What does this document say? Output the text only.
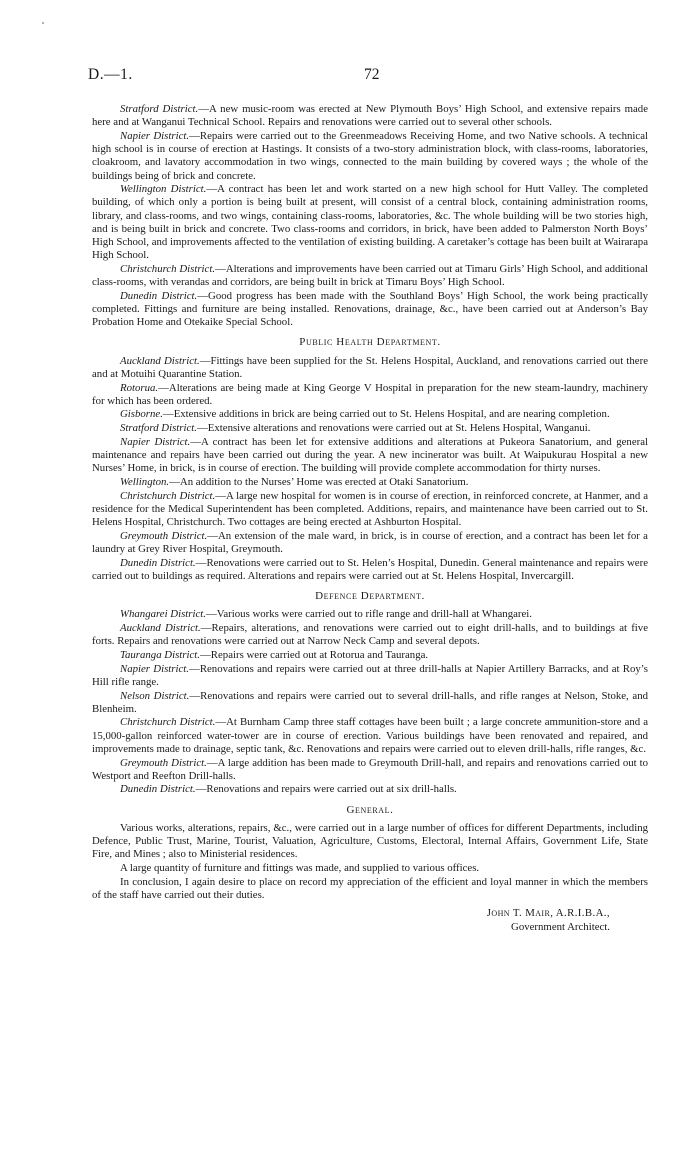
D.—1.	72

Stratford District.—A new music-room was erected at New Plymouth Boys’ High School, and extensive repairs made here and at Wanganui Technical School. Repairs and renovations were carried out to several other schools.

Napier District.—Repairs were carried out to the Greenmeadows Receiving Home, and two Native schools. A technical high school is in course of erection at Hastings. It consists of a two-story administration block, with class-rooms, laboratories, cloakroom, and lavatory accommodation in two wings, connected to the main building by covered ways ; the whole of the buildings being of brick and concrete.

Wellington District.—A contract has been let and work started on a new high school for Hutt Valley. The completed building, of which only a portion is being built at present, will consist of a central block, containing administration rooms, library, and class-rooms, and two wings, containing class-rooms, laboratories, &c. The whole building will be two stories high, and is being built in brick and concrete. Two class-rooms and corridors, in brick, have been added to Palmerston North Boys’ High School, and improvements affected to the ventilation of existing building. A caretaker’s cottage has been built at Wairarapa High School.

Christchurch District.—Alterations and improvements have been carried out at Timaru Girls’ High School, and additional class-rooms, with verandas and corridors, are being built in brick at Timaru Boys’ High School.

Dunedin District.—Good progress has been made with the Southland Boys’ High School, the work being practically completed. Fittings and furniture are being installed. Renovations, drainage, &c., have been carried out at Anderson’s Bay Probation Home and Otekaike Special School.

Public Health Department.

Auckland District.—Fittings have been supplied for the St. Helens Hospital, Auckland, and renovations carried out there and at Motuihi Quarantine Station.

Rotorua.—Alterations are being made at King George V Hospital in preparation for the new steam-laundry, machinery for which has been ordered.

Gisborne.—Extensive additions in brick are being carried out to St. Helens Hospital, and are nearing completion.

Stratford District.—Extensive alterations and renovations were carried out at St. Helens Hospital, Wanganui.

Napier District.—A contract has been let for extensive additions and alterations at Pukeora Sanatorium, and general maintenance and repairs have been carried out during the year. A new incinerator was built. At Waipukurau Hospital a new Nurses’ Home, in brick, is in course of erection. The building will provide complete accommodation for thirty nurses.

Wellington.—An addition to the Nurses’ Home was erected at Otaki Sanatorium.

Christchurch District.—A large new hospital for women is in course of erection, in reinforced concrete, at Hanmer, and a residence for the Medical Superintendent has been completed. Additions, repairs, and maintenance have been carried out to St. Helens Hospital, Christchurch. Two cottages are being erected at Ashburton Hospital.

Greymouth District.—An extension of the male ward, in brick, is in course of erection, and a contract has been let for a laundry at Grey River Hospital, Greymouth.

Dunedin District.—Renovations were carried out to St. Helen’s Hospital, Dunedin. General maintenance and repairs were carried out to buildings as required. Alterations and repairs were carried out at St. Helens Hospital, Invercargill.

Defence Department.

Whangarei District.—Various works were carried out to rifle range and drill-hall at Whangarei.

Auckland District.—Repairs, alterations, and renovations were carried out to eight drill-halls, and to buildings at five forts. Repairs and renovations were carried out at Narrow Neck Camp and several depots.

Tauranga District.—Repairs were carried out at Rotorua and Tauranga.

Napier District.—Renovations and repairs were carried out at three drill-halls at Napier Artillery Barracks, and at Roy’s Hill rifle range.

Nelson District.—Renovations and repairs were carried out to several drill-halls, and rifle ranges at Nelson, Stoke, and Blenheim.

Christchurch District.—At Burnham Camp three staff cottages have been built ; a large concrete ammunition-store and a 15,000-gallon reinforced water-tower are in course of erection. Various buildings have been renovated and repaired, and improvements made to drainage, septic tank, &c. Renovations and repairs were carried out to eleven drill-halls, rifle ranges, &c.

Greymouth District.—A large addition has been made to Greymouth Drill-hall, and repairs and renovations carried out to Westport and Reefton Drill-halls.

Dunedin District.—Renovations and repairs were carried out at six drill-halls.

General.

Various works, alterations, repairs, &c., were carried out in a large number of offices for different Departments, including Defence, Public Trust, Marine, Tourist, Valuation, Agriculture, Customs, Electoral, Internal Affairs, Government Life, State Fire, and Mines ; also to Ministerial residences.

A large quantity of furniture and fittings was made, and supplied to various offices.

In conclusion, I again desire to place on record my appreciation of the efficient and loyal manner in which the members of the staff have carried out their duties.

John T. Mair, A.R.I.B.A.,

Government Architect.
